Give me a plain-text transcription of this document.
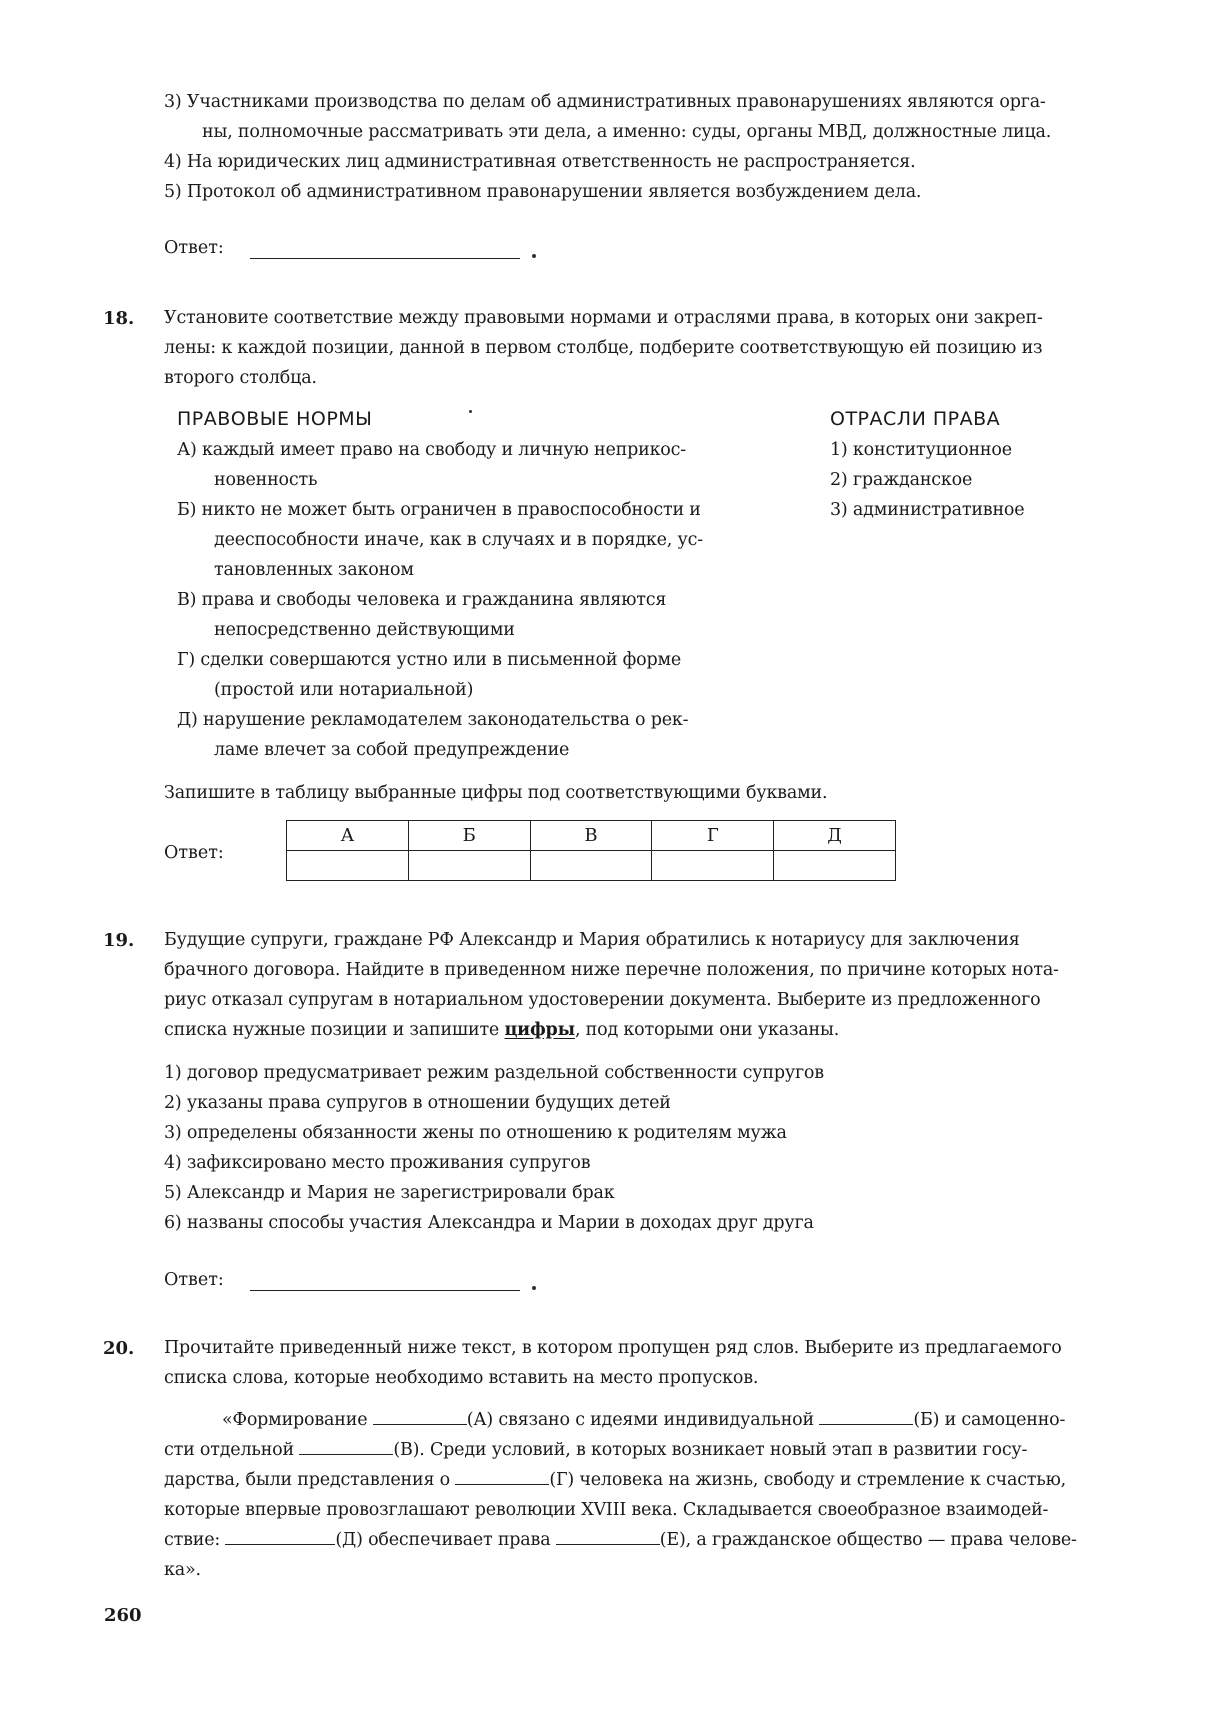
3) Участниками производства по делам об административных правонарушениях являются орга-
ны, полномочные рассматривать эти дела, а именно: суды, органы МВД, должностные лица.
4) На юридических лиц административная ответственность не распространяется.
5) Протокол об административном правонарушении является возбуждением дела.
Ответ:
18. Установите соответствие между правовыми нормами и отраслями права, в которых они закреп-
лены: к каждой позиции, данной в первом столбце, подберите соответствующую ей позицию из
второго столбца.
ПРАВОВЫЕ НОРМЫ	ОТРАСЛИ ПРАВА
А) каждый имеет право на свободу и личную неприкос-
новенность
Б) никто не может быть ограничен в правоспособности и
дееспособности иначе, как в случаях и в порядке, ус-
тановленных законом
В) права и свободы человека и гражданина являются
непосредственно действующими
Г) сделки совершаются устно или в письменной форме
(простой или нотариальной)
Д) нарушение рекламодателем законодательства о рек-
ламе влечет за собой предупреждение
1) конституционное
2) гражданское
3) административное
Запишите в таблицу выбранные цифры под соответствующими буквами.
Ответ:
А	Б	В	Г	Д

19. Будущие супруги, граждане РФ Александр и Мария обратились к нотариусу для заключения
брачного договора. Найдите в приведенном ниже перечне положения, по причине которых нота-
риус отказал супругам в нотариальном удостоверении документа. Выберите из предложенного
списка нужные позиции и запишите цифры, под которыми они указаны.
1) договор предусматривает режим раздельной собственности супругов
2) указаны права супругов в отношении будущих детей
3) определены обязанности жены по отношению к родителям мужа
4) зафиксировано место проживания супругов
5) Александр и Мария не зарегистрировали брак
6) названы способы участия Александра и Марии в доходах друг друга
Ответ:
20. Прочитайте приведенный ниже текст, в котором пропущен ряд слов. Выберите из предлагаемого
списка слова, которые необходимо вставить на место пропусков.
«Формирование	(А) связано с идеями индивидуальной	(Б) и самоценно-
сти отдельной	(В). Среди условий, в которых возникает новый этап в развитии госу-
дарства, были представления о	(Г) человека на жизнь, свободу и стремление к счастью,
которые впервые провозглашают революции XVIII века. Складывается своеобразное взаимодей-
ствие:	(Д) обеспечивает права	(Е), а гражданское общество — права челове-
ка».
260
